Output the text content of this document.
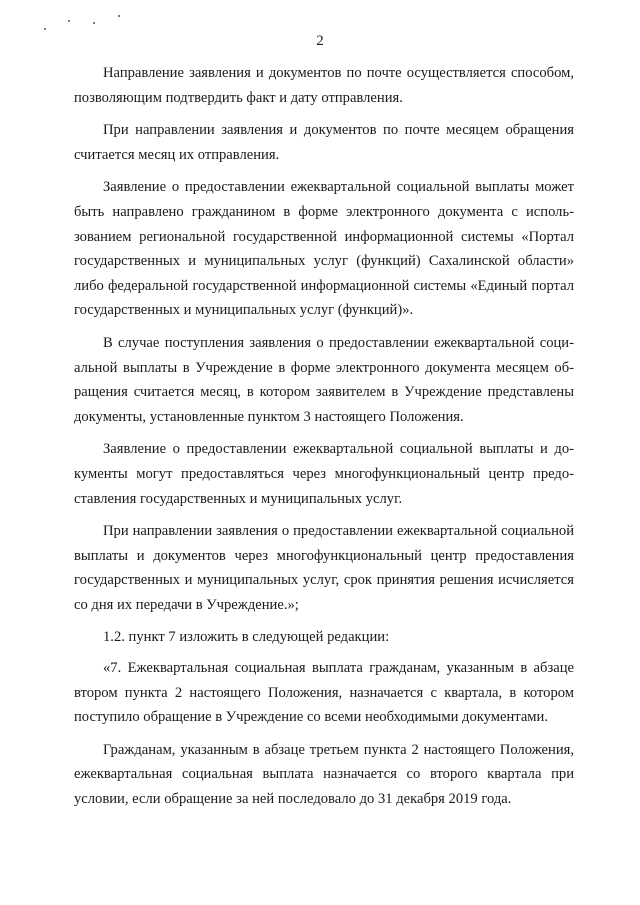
2

Направление заявления и документов по почте осуществляется способом, позволяющим подтвердить факт и дату отправления.

При направлении заявления и документов по почте месяцем обращения считается месяц их отправления.

Заявление о предоставлении ежеквартальной социальной выплаты может быть направлено гражданином в форме электронного документа с использованием региональной государственной информационной системы «Портал государственных и муниципальных услуг (функций) Сахалинской области» либо федеральной государственной информационной системы «Единый портал государственных и муниципальных услуг (функций)».

В случае поступления заявления о предоставлении ежеквартальной социальной выплаты в Учреждение в форме электронного документа месяцем обращения считается месяц, в котором заявителем в Учреждение представлены документы, установленные пунктом 3 настоящего Положения.

Заявление о предоставлении ежеквартальной социальной выплаты и документы могут предоставляться через многофункциональный центр предоставления государственных и муниципальных услуг.

При направлении заявления о предоставлении ежеквартальной социальной выплаты и документов через многофункциональный центр предоставления государственных и муниципальных услуг, срок принятия решения исчисляется со дня их передачи в Учреждение.»;

1.2. пункт 7 изложить в следующей редакции:

«7. Ежеквартальная социальная выплата гражданам, указанным в абзаце втором пункта 2 настоящего Положения, назначается с квартала, в котором поступило обращение в Учреждение со всеми необходимыми документами.

Гражданам, указанным в абзаце третьем пункта 2 настоящего Положения, ежеквартальная социальная выплата назначается со второго квартала при условии, если обращение за ней последовало до 31 декабря 2019 года.
